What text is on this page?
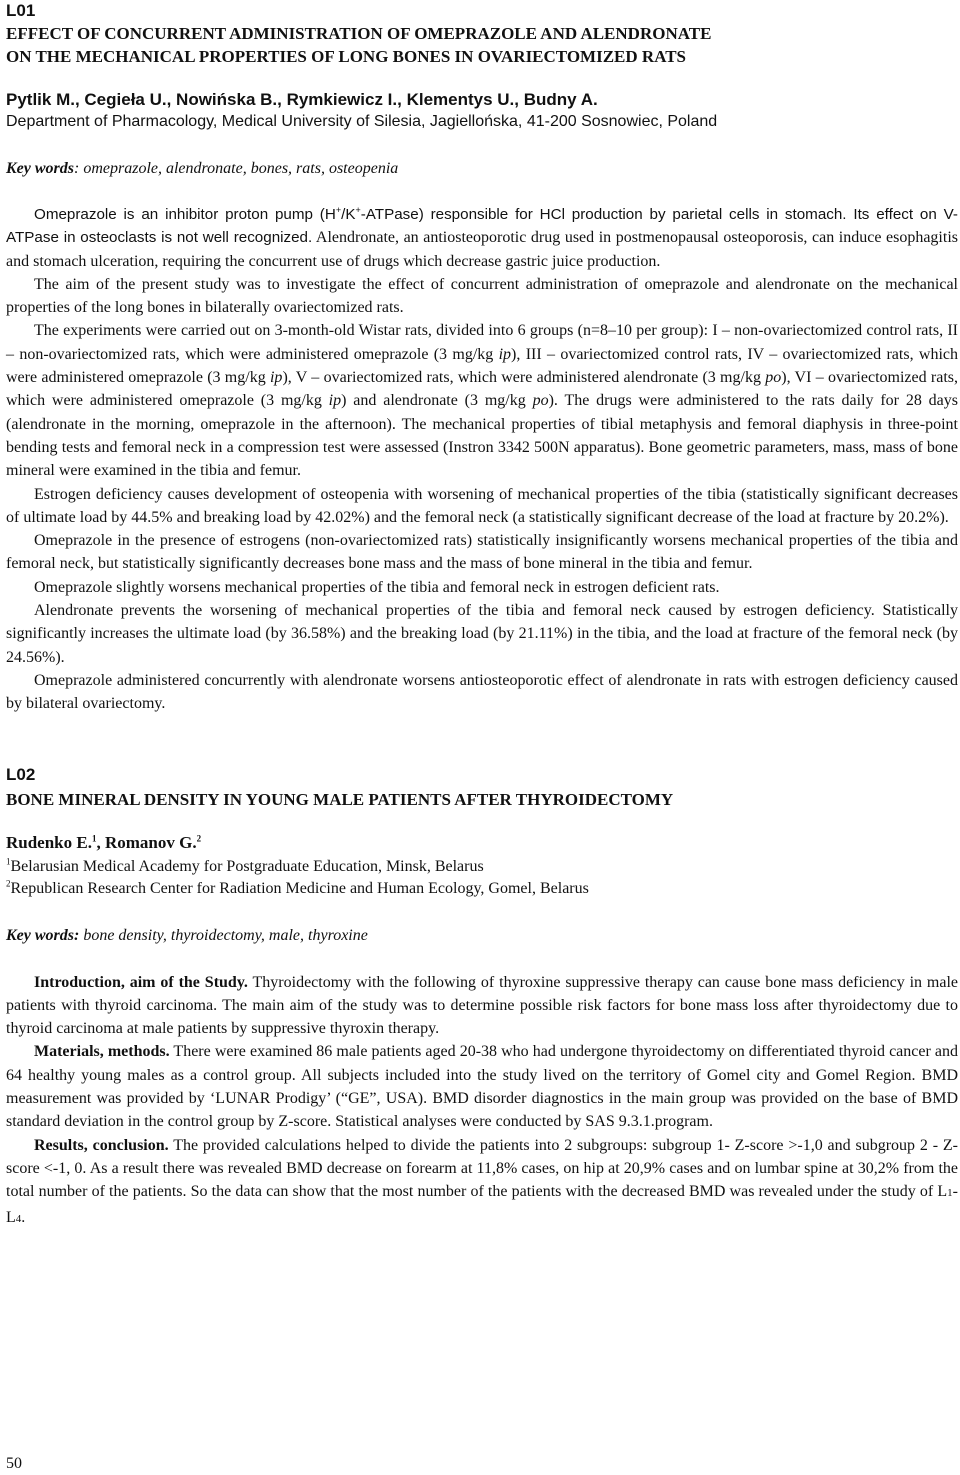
L01
EFFECT OF CONCURRENT ADMINISTRATION OF OMEPRAZOLE AND ALENDRONATE
ON THE MECHANICAL PROPERTIES OF LONG BONES IN OVARIECTOMIZED RATS
Pytlik M., Cegieła U., Nowińska B., Rymkiewicz I., Klementys U., Budny A.
Department of Pharmacology, Medical University of Silesia, Jagiellońska, 41-200 Sosnowiec, Poland
Key words: omeprazole, alendronate, bones, rats, osteopenia

Omeprazole is an inhibitor proton pump (H+/K+-ATPase) responsible for HCl production by parietal cells in stomach. Its effect on V-ATPase in osteoclasts is not well recognized. Alendronate, an antiosteoporotic drug used in postmenopausal osteoporosis, can induce esophagitis and stomach ulceration, requiring the concurrent use of drugs which decrease gastric juice production.

The aim of the present study was to investigate the effect of concurrent administration of omeprazole and alendronate on the mechanical properties of the long bones in bilaterally ovariectomized rats.

The experiments were carried out on 3-month-old Wistar rats, divided into 6 groups (n=8–10 per group): I – non-ovariectomized control rats, II – non-ovariectomized rats, which were administered omeprazole (3 mg/kg ip), III – ovariectomized control rats, IV – ovariectomized rats, which were administered omeprazole (3 mg/kg ip), V – ovariectomized rats, which were administered alendronate (3 mg/kg po), VI – ovariectomized rats, which were administered omeprazole (3 mg/kg ip) and alendronate (3 mg/kg po). The drugs were administered to the rats daily for 28 days (alendronate in the morning, omeprazole in the afternoon). The mechanical properties of tibial metaphysis and femoral diaphysis in three-point bending tests and femoral neck in a compression test were assessed (Instron 3342 500N apparatus). Bone geometric parameters, mass, mass of bone mineral were examined in the tibia and femur.

Estrogen deficiency causes development of osteopenia with worsening of mechanical properties of the tibia (statistically significant decreases of ultimate load by 44.5% and breaking load by 42.02%) and the femoral neck (a statistically significant decrease of the load at fracture by 20.2%).

Omeprazole in the presence of estrogens (non-ovariectomized rats) statistically insignificantly worsens mechanical properties of the tibia and femoral neck, but statistically significantly decreases bone mass and the mass of bone mineral in the tibia and femur.

Omeprazole slightly worsens mechanical properties of the tibia and femoral neck in estrogen deficient rats.

Alendronate prevents the worsening of mechanical properties of the tibia and femoral neck caused by estrogen deficiency. Statistically significantly increases the ultimate load (by 36.58%) and the breaking load (by 21.11%) in the tibia, and the load at fracture of the femoral neck (by 24.56%).

Omeprazole administered concurrently with alendronate worsens antiosteoporotic effect of alendronate in rats with estrogen deficiency caused by bilateral ovariectomy.

L02
BONE MINERAL DENSITY IN YOUNG MALE PATIENTS AFTER THYROIDECTOMY
Rudenko E.$^1$, Romanov G.$^2$
$^1$Belarusian Medical Academy for Postgraduate Education, Minsk, Belarus
$^2$Republican Research Center for Radiation Medicine and Human Ecology, Gomel, Belarus
Key words: bone density, thyroidectomy, male, thyroxine

Introduction, aim of the Study. Thyroidectomy with the following of thyroxine suppressive therapy can cause bone mass deficiency in male patients with thyroid carcinoma. The main aim of the study was to determine possible risk factors for bone mass loss after thyroidectomy due to thyroid carcinoma at male patients by suppressive thyroxin therapy.

Materials, methods. There were examined 86 male patients aged 20-38 who had undergone thyroidectomy on differentiated thyroid cancer and 64 healthy young males as a control group. All subjects included into the study lived on the territory of Gomel city and Gomel Region. BMD measurement was provided by ‘LUNAR Prodigy’ (“GE”, USA). BMD disorder diagnostics in the main group was provided on the base of BMD standard deviation in the control group by Z-score. Statistical analyses were conducted by SAS 9.3.1.program.

Results, conclusion. The provided calculations helped to divide the patients into 2 subgroups: subgroup 1- Z-score >-1,0 and subgroup 2 - Z-score <-1, 0. As a result there was revealed BMD decrease on forearm at 11,8% cases, on hip at 20,9% cases and on lumbar spine at 30,2% from the total number of the patients. So the data can show that the most number of the patients with the decreased BMD was revealed under the study of L1-L4.

50
